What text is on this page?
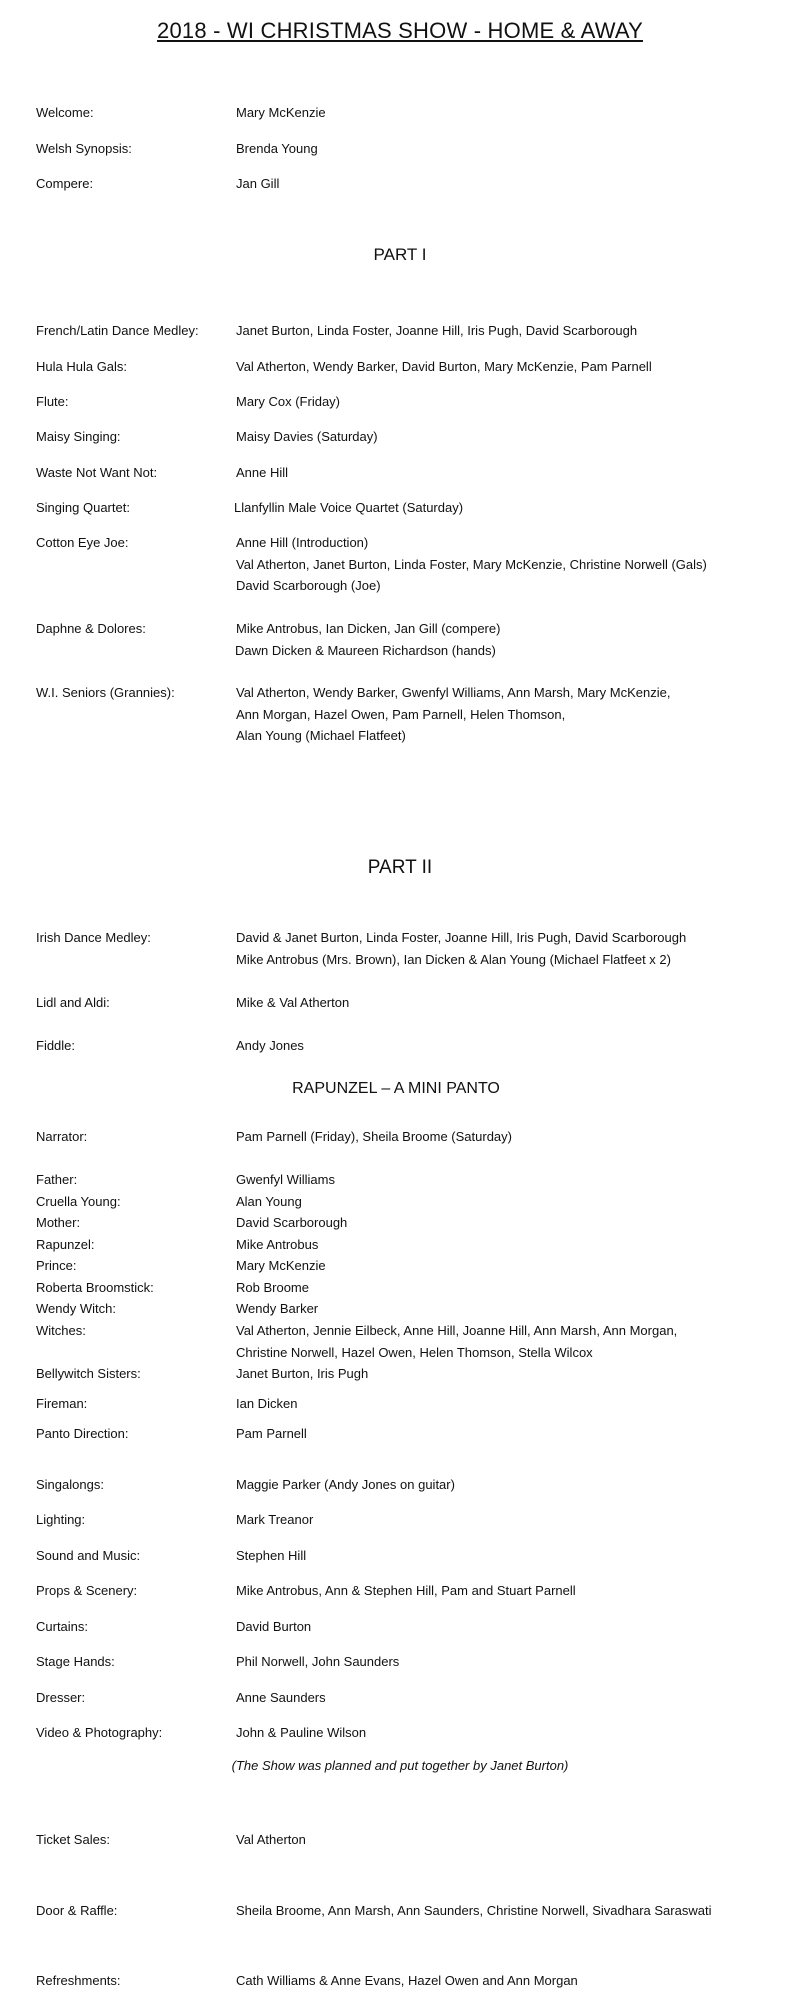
2018 - WI CHRISTMAS SHOW - HOME & AWAY
Welcome:	Mary McKenzie
Welsh Synopsis:	Brenda Young
Compere:	Jan Gill
PART I
French/Latin Dance Medley:	Janet Burton, Linda Foster, Joanne Hill, Iris Pugh, David Scarborough
Hula Hula Gals:	Val Atherton, Wendy Barker, David Burton, Mary McKenzie, Pam Parnell
Flute:	Mary Cox (Friday)
Maisy Singing:	Maisy Davies (Saturday)
Waste Not Want Not:	Anne Hill
Singing Quartet:	Llanfyllin Male Voice Quartet (Saturday)
Cotton Eye Joe:	Anne Hill (Introduction)
Val Atherton, Janet Burton, Linda Foster, Mary McKenzie, Christine Norwell (Gals)
David Scarborough (Joe)
Daphne & Dolores:	Mike Antrobus, Ian Dicken, Jan Gill (compere)
Dawn Dicken & Maureen Richardson (hands)
W.I. Seniors (Grannies):	Val Atherton, Wendy Barker, Gwenfyl Williams, Ann Marsh, Mary McKenzie,
Ann Morgan, Hazel Owen, Pam Parnell, Helen Thomson,
Alan Young (Michael Flatfeet)
PART II
Irish Dance Medley:	David & Janet Burton, Linda Foster, Joanne Hill, Iris Pugh, David Scarborough
Mike Antrobus (Mrs. Brown), Ian Dicken & Alan Young (Michael Flatfeet x 2)
Lidl and Aldi:	Mike & Val Atherton
Fiddle:	Andy Jones
RAPUNZEL – A MINI PANTO
Narrator:	Pam Parnell (Friday), Sheila Broome (Saturday)
Father:	Gwenfyl Williams
Cruella Young:	Alan Young
Mother:	David Scarborough
Rapunzel:	Mike Antrobus
Prince:	Mary McKenzie
Roberta Broomstick:	Rob Broome
Wendy Witch:	Wendy Barker
Witches:	Val Atherton, Jennie Eilbeck, Anne Hill, Joanne Hill, Ann Marsh, Ann Morgan,
Christine Norwell, Hazel Owen, Helen Thomson, Stella Wilcox
Bellywitch Sisters:	Janet Burton, Iris Pugh
Fireman:	Ian Dicken
Panto Direction:	Pam Parnell
Singalongs:	Maggie Parker (Andy Jones on guitar)
Lighting:	Mark Treanor
Sound and Music:	Stephen Hill
Props & Scenery:	Mike Antrobus, Ann & Stephen Hill, Pam and Stuart Parnell
Curtains:	David Burton
Stage Hands:	Phil Norwell, John Saunders
Dresser:	Anne Saunders
Video & Photography:	John & Pauline Wilson
(The Show was planned and put together by Janet Burton)
Ticket Sales:	Val Atherton
Door & Raffle:	Sheila Broome, Ann Marsh, Ann Saunders, Christine Norwell, Sivadhara Saraswati
Refreshments:	Cath Williams & Anne Evans, Hazel Owen and Ann Morgan
